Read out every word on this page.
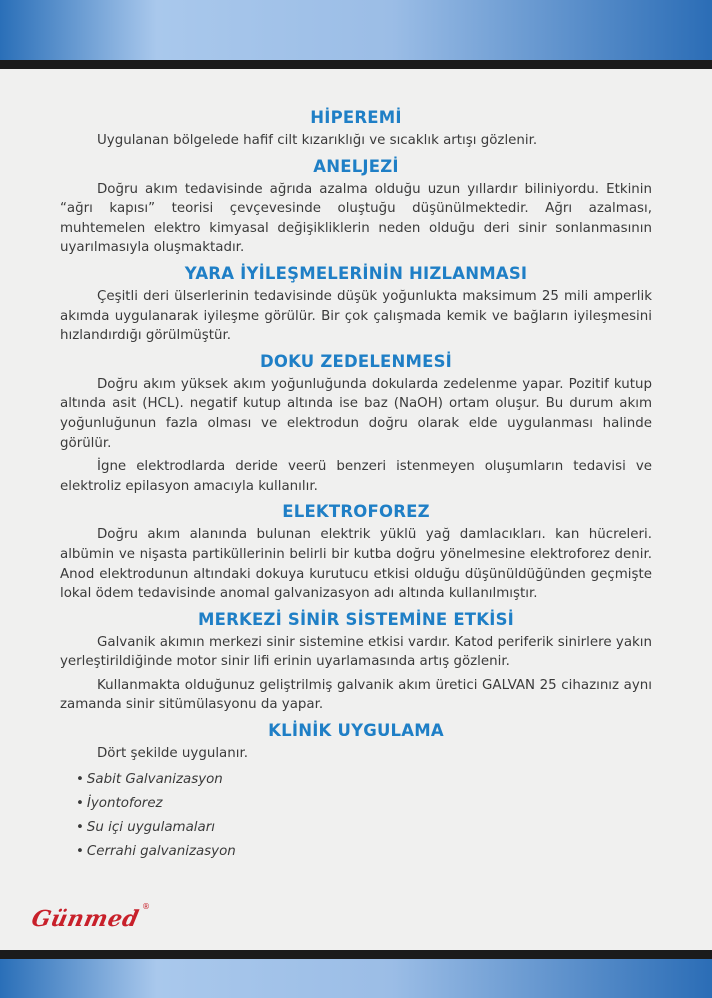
HİPEREMİ

Uygulanan bölgelede hafif cilt kızarıklığı ve sıcaklık artışı gözlenir.

ANELJEZİ

Doğru akım tedavisinde ağrıda azalma olduğu uzun yıllardır biliniyordu. Etkinin “ağrı kapısı” teorisi çevçevesinde oluştuğu düşünülmektedir. Ağrı azalması, muhtemelen elektro kimyasal değişikliklerin neden olduğu deri sinir sonlanmasının uyarılmasıyla oluşmaktadır.

YARA İYİLEŞMELERİNİN HIZLANMASI

Çeşitli deri ülserlerinin tedavisinde düşük yoğunlukta maksimum 25 mili amperlik akımda uygulanarak iyileşme görülür. Bir çok çalışmada kemik ve bağların iyileşmesini hızlandırdığı görülmüştür.

DOKU ZEDELENMESİ

Doğru akım yüksek akım yoğunluğunda dokularda zedelenme yapar. Pozitif kutup altında asit (HCL). negatif kutup altında ise baz (NaOH) ortam oluşur. Bu durum akım yoğunluğunun fazla olması ve elektrodun doğru olarak elde uygulanması halinde görülür.

İgne elektrodlarda deride veerü benzeri istenmeyen oluşumların tedavisi ve elektroliz epilasyon amacıyla kullanılır.

ELEKTROFOREZ

Doğru akım alanında bulunan elektrik yüklü yağ damlacıkları. kan hücreleri. albümin ve nişasta partiküllerinin belirli bir kutba doğru yönelmesine elektroforez denir. Anod elektrodunun altındaki dokuya kurutucu etkisi olduğu düşünüldüğünden geçmişte lokal ödem tedavisinde anomal galvanizasyon adı altında kullanılmıştır.

MERKEZİ SİNİR SİSTEMİNE ETKİSİ

Galvanik akımın merkezi sinir sistemine etkisi vardır. Katod periferik sinirlere yakın yerleştirildiğinde motor sinir lifi erinin uyarlamasında artış gözlenir.

Kullanmakta olduğunuz geliştrilmiş galvanik akım üretici GALVAN 25 cihazınız aynı zamanda sinir sitümülasyonu da yapar.

KLİNİK UYGULAMA

Dört şekilde uygulanır.

• Sabit Galvanizasyon
• İyontoforez
• Su içi uygulamaları
• Cerrahi galvanizasyon
Günmed ®
